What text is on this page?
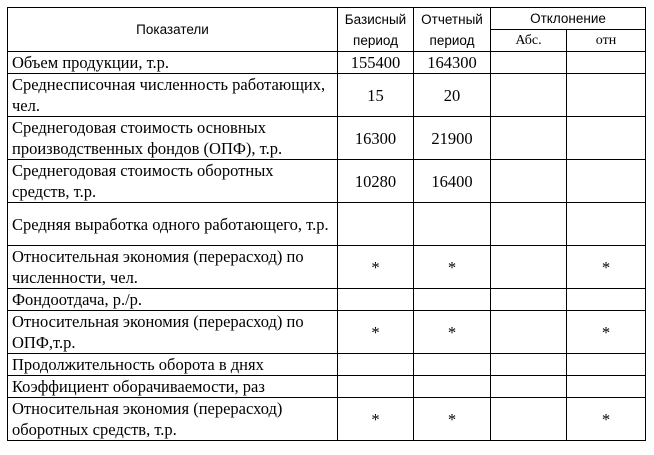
Показатели	Базисный период	Отчетный период	Отклонение	
			Абс.	отн
Объем продукции, т.р.	155400	164300		
Среднесписочная численность работающих, чел.	15	20		
Среднегодовая стоимость основных производственных фондов (ОПФ), т.р.	16300	21900		
Среднегодовая стоимость оборотных средств, т.р.	10280	16400		
Средняя выработка одного работающего, т.р.				
Относительная экономия (перерасход) по численности, чел.	*	*		*
Фондоотдача, р./р.				
Относительная экономия (перерасход) по ОПФ,т.р.	*	*		*
Продолжительность оборота в днях				
Коэффициент оборачиваемости, раз				
Относительная экономия (перерасход) оборотных средств, т.р.	*	*		*
